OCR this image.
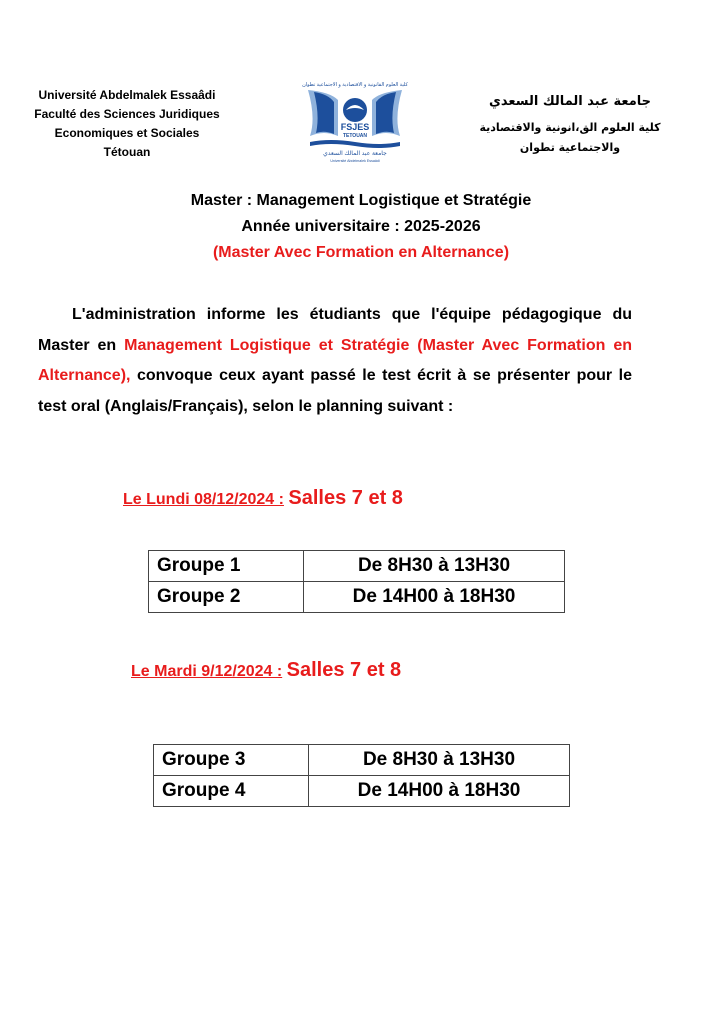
Université Abdelmalek Essaâdi
Faculté des Sciences Juridiques
Economiques et Sociales
Tétouan
كلية العلوم القانونية و الاقتصادية و الاجتماعية تطوان
FSJES
TETOUAN
جامعة عبد المالك السعدي
Université Abdelmalek Essaâdi
جامعة عبد المالك السعدي
كلية العلوم الق،انونية والاقتصادية والاجتماعية تطوان
Master : Management Logistique et Stratégie
Année universitaire : 2025-2026
(Master Avec Formation en Alternance)
L'administration informe les étudiants que l'équipe pédagogique du Master en Management Logistique et Stratégie (Master Avec Formation en Alternance), convoque ceux ayant passé le test écrit à se présenter pour le test oral (Anglais/Français), selon le planning suivant :
Le Lundi 08/12/2024 : Salles 7 et 8
Groupe 1	De 8H30 à 13H30
Groupe 2	De 14H00 à 18H30
Le Mardi 9/12/2024 : Salles 7 et 8
Groupe 3	De 8H30 à 13H30
Groupe 4	De 14H00 à 18H30
